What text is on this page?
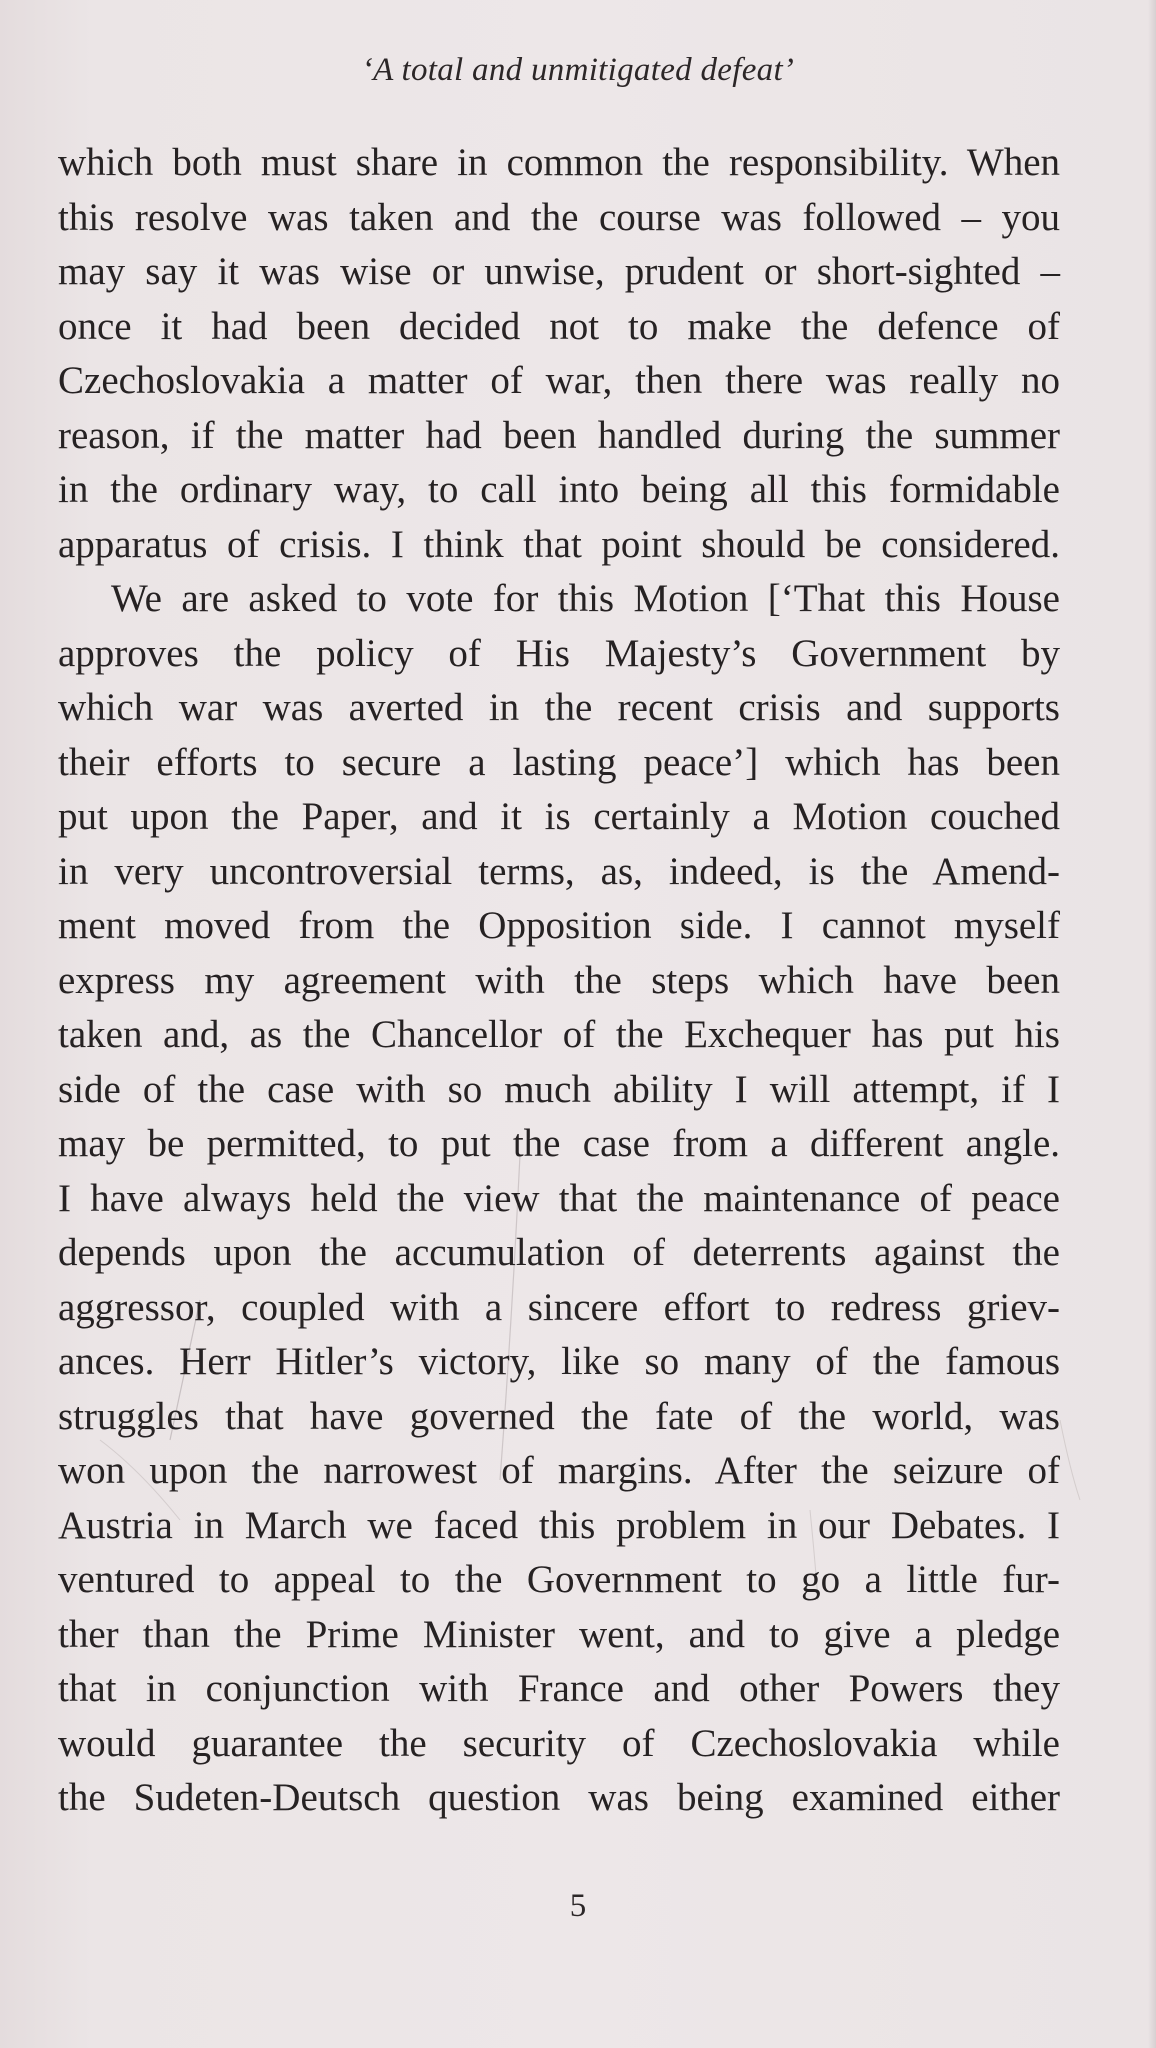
‘A total and unmitigated defeat’
which both must share in common the responsibility. When
this resolve was taken and the course was followed – you
may say it was wise or unwise, prudent or short-sighted –
once it had been decided not to make the defence of
Czechoslovakia a matter of war, then there was really no
reason, if the matter had been handled during the summer
in the ordinary way, to call into being all this formidable
apparatus of crisis. I think that point should be considered.
We are asked to vote for this Motion [‘That this House
approves the policy of His Majesty’s Government by
which war was averted in the recent crisis and supports
their efforts to secure a lasting peace’] which has been
put upon the Paper, and it is certainly a Motion couched
in very uncontroversial terms, as, indeed, is the Amend-
ment moved from the Opposition side. I cannot myself
express my agreement with the steps which have been
taken and, as the Chancellor of the Exchequer has put his
side of the case with so much ability I will attempt, if I
may be permitted, to put the case from a different angle.
I have always held the view that the maintenance of peace
depends upon the accumulation of deterrents against the
aggressor, coupled with a sincere effort to redress griev-
ances. Herr Hitler’s victory, like so many of the famous
struggles that have governed the fate of the world, was
won upon the narrowest of margins. After the seizure of
Austria in March we faced this problem in our Debates. I
ventured to appeal to the Government to go a little fur-
ther than the Prime Minister went, and to give a pledge
that in conjunction with France and other Powers they
would guarantee the security of Czechoslovakia while
the Sudeten-Deutsch question was being examined either
5
